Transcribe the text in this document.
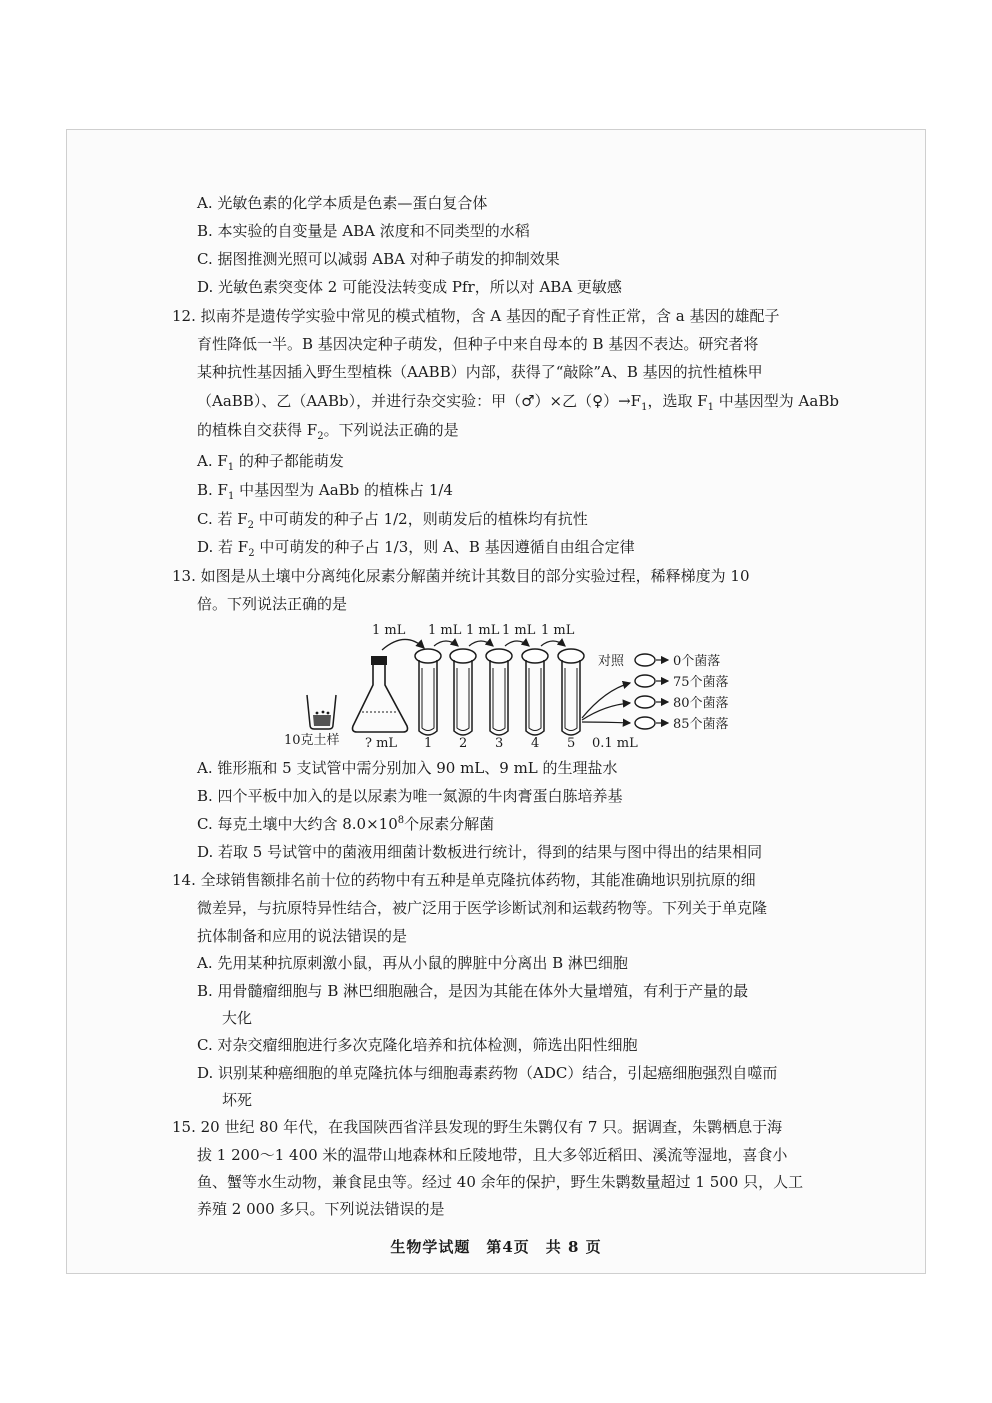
A. 光敏色素的化学本质是色素—蛋白复合体
B. 本实验的自变量是 ABA 浓度和不同类型的水稻
C. 据图推测光照可以减弱 ABA 对种子萌发的抑制效果
D. 光敏色素突变体 2 可能没法转变成 Pfr，所以对 ABA 更敏感
12. 拟南芥是遗传学实验中常见的模式植物，含 A 基因的配子育性正常，含 a 基因的雄配子
育性降低一半。B 基因决定种子萌发，但种子中来自母本的 B 基因不表达。研究者将
某种抗性基因插入野生型植株（AABB）内部，获得了“敲除”A、B 基因的抗性植株甲
（AaBB）、乙（AABb），并进行杂交实验：甲（♂）×乙$(♀)\to F_1$，选取 $F_1$ 中基因型为 AaBb
的植株自交获得 $F_2$。下列说法正确的是
A. $F_1$ 的种子都能萌发
B. $F_1$ 中基因型为 AaBb 的植株占 1/4
C. 若 $F_2$ 中可萌发的种子占 1/2，则萌发后的植株均有抗性
D. 若 $F_2$ 中可萌发的种子占 1/3，则 A、B 基因遵循自由组合定律
13. 如图是从土壤中分离纯化尿素分解菌并统计其数目的部分实验过程，稀释梯度为 10
倍。下列说法正确的是
10克土样 ? mL
1 mL 1 mL 1 mL 1 mL 1 mL
1 2 3 4 5 0.1 mL
对照	0个菌落
75个菌落
80个菌落
85个菌落
A. 锥形瓶和 5 支试管中需分别加入 90 mL、9 mL 的生理盐水
B. 四个平板中加入的是以尿素为唯一氮源的牛肉膏蛋白胨培养基
C. 每克土壤中大约含 $8.0\times 10^8$个尿素分解菌
D. 若取 5 号试管中的菌液用细菌计数板进行统计，得到的结果与图中得出的结果相同
14. 全球销售额排名前十位的药物中有五种是单克隆抗体药物，其能准确地识别抗原的细
微差异，与抗原特异性结合，被广泛用于医学诊断试剂和运载药物等。下列关于单克隆
抗体制备和应用的说法错误的是
A. 先用某种抗原刺激小鼠，再从小鼠的脾脏中分离出 B 淋巴细胞
B. 用骨髓瘤细胞与 B 淋巴细胞融合，是因为其能在体外大量增殖，有利于产量的最
大化
C. 对杂交瘤细胞进行多次克隆化培养和抗体检测，筛选出阳性细胞
D. 识别某种癌细胞的单克隆抗体与细胞毒素药物（ADC）结合，引起癌细胞强烈自噬而
坏死
15. 20 世纪 80 年代，在我国陕西省洋县发现的野生朱鹮仅有 7 只。据调查，朱鹮栖息于海
拔 1 200～1 400 米的温带山地森林和丘陵地带，且大多邻近稻田、溪流等湿地，喜食小
鱼、蟹等水生动物，兼食昆虫等。经过 40 余年的保护，野生朱鹮数量超过 1 500 只，人工
养殖 2 000 多只。下列说法错误的是
生物学试题　第4页　共 8 页
